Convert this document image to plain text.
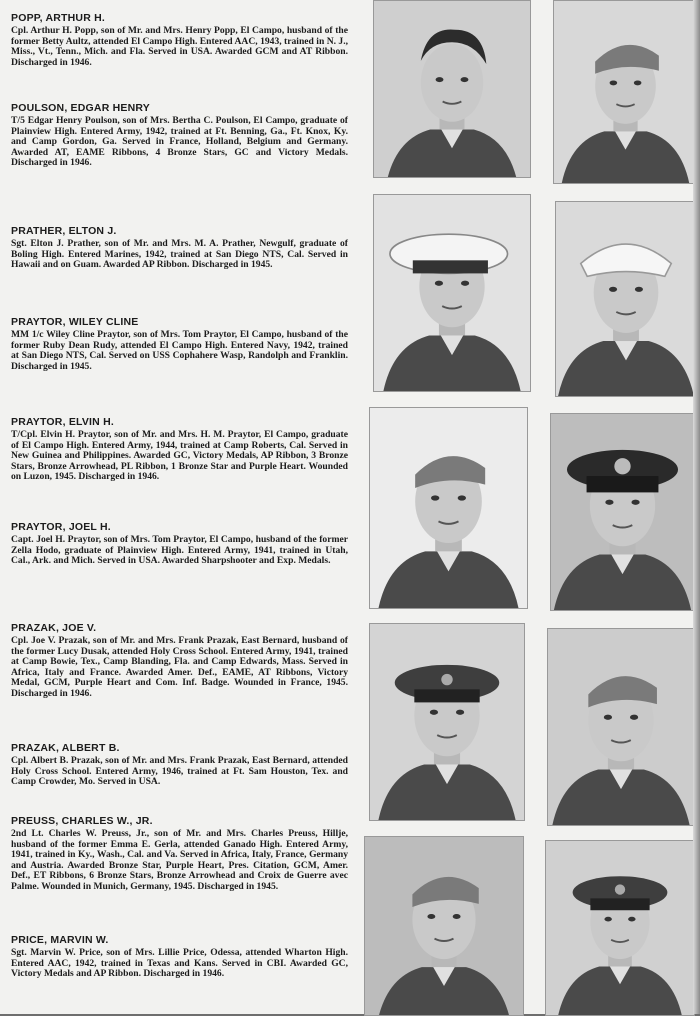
POPP, ARTHUR H.

Cpl. Arthur H. Popp, son of Mr. and Mrs. Henry Popp, El Campo, husband of the former Betty Aultz, attended El Campo High. Entered AAC, 1943, trained in N. J., Miss., Vt., Tenn., Mich. and Fla. Served in USA. Awarded GCM and AT Ribbon. Discharged in 1946.

POULSON, EDGAR HENRY

T/5 Edgar Henry Poulson, son of Mrs. Bertha C. Poulson, El Campo, graduate of Plainview High. Entered Army, 1942, trained at Ft. Benning, Ga., Ft. Knox, Ky. and Camp Gordon, Ga. Served in France, Holland, Belgium and Germany. Awarded AT, EAME Ribbons, 4 Bronze Stars, GC and Victory Medals. Discharged in 1946.

PRATHER, ELTON J.

Sgt. Elton J. Prather, son of Mr. and Mrs. M. A. Prather, Newgulf, graduate of Boling High. Entered Marines, 1942, trained at San Diego NTS, Cal. Served in Hawaii and on Guam. Awarded AP Ribbon. Discharged in 1945.

PRAYTOR, WILEY CLINE

MM 1/c Wiley Cline Praytor, son of Mrs. Tom Praytor, El Campo, husband of the former Ruby Dean Rudy, attended El Campo High. Entered Navy, 1942, trained at San Diego NTS, Cal. Served on USS Cophahere Wasp, Randolph and Franklin. Discharged in 1945.

PRAYTOR, ELVIN H.

T/Cpl. Elvin H. Praytor, son of Mr. and Mrs. H. M. Praytor, El Campo, graduate of El Campo High. Entered Army, 1944, trained at Camp Roberts, Cal. Served in New Guinea and Philippines. Awarded GC, Victory Medals, AP Ribbon, 3 Bronze Stars, Bronze Arrowhead, PL Ribbon, 1 Bronze Star and Purple Heart. Wounded on Luzon, 1945. Discharged in 1946.

PRAYTOR, JOEL H.

Capt. Joel H. Praytor, son of Mrs. Tom Praytor, El Campo, husband of the former Zella Hodo, graduate of Plainview High. Entered Army, 1941, trained in Utah, Cal., Ark. and Mich. Served in USA. Awarded Sharpshooter and Exp. Medals.

PRAZAK, JOE V.

Cpl. Joe V. Prazak, son of Mr. and Mrs. Frank Prazak, East Bernard, husband of the former Lucy Dusak, attended Holy Cross School. Entered Army, 1941, trained at Camp Bowie, Tex., Camp Blanding, Fla. and Camp Edwards, Mass. Served in Africa, Italy and France. Awarded Amer. Def., EAME, AT Ribbons, Victory Medal, GCM, Purple Heart and Com. Inf. Badge. Wounded in France, 1945. Discharged in 1946.

PRAZAK, ALBERT B.

Cpl. Albert B. Prazak, son of Mr. and Mrs. Frank Prazak, East Bernard, attended Holy Cross School. Entered Army, 1946, trained at Ft. Sam Houston, Tex. and Camp Crowder, Mo. Served in USA.

PREUSS, CHARLES W., JR.

2nd Lt. Charles W. Preuss, Jr., son of Mr. and Mrs. Charles Preuss, Hillje, husband of the former Emma E. Gerla, attended Ganado High. Entered Army, 1941, trained in Ky., Wash., Cal. and Va. Served in Africa, Italy, France, Germany and Austria. Awarded Bronze Star, Purple Heart, Pres. Citation, GCM, Amer. Def., ET Ribbons, 6 Bronze Stars, Bronze Arrowhead and Croix de Guerre avec Palme. Wounded in Munich, Germany, 1945. Discharged in 1945.

PRICE, MARVIN W.

Sgt. Marvin W. Price, son of Mrs. Lillie Price, Odessa, attended Wharton High. Entered AAC, 1942, trained in Texas and Kans. Served in CBI. Awarded GC, Victory Medals and AP Ribbon. Discharged in 1946.
